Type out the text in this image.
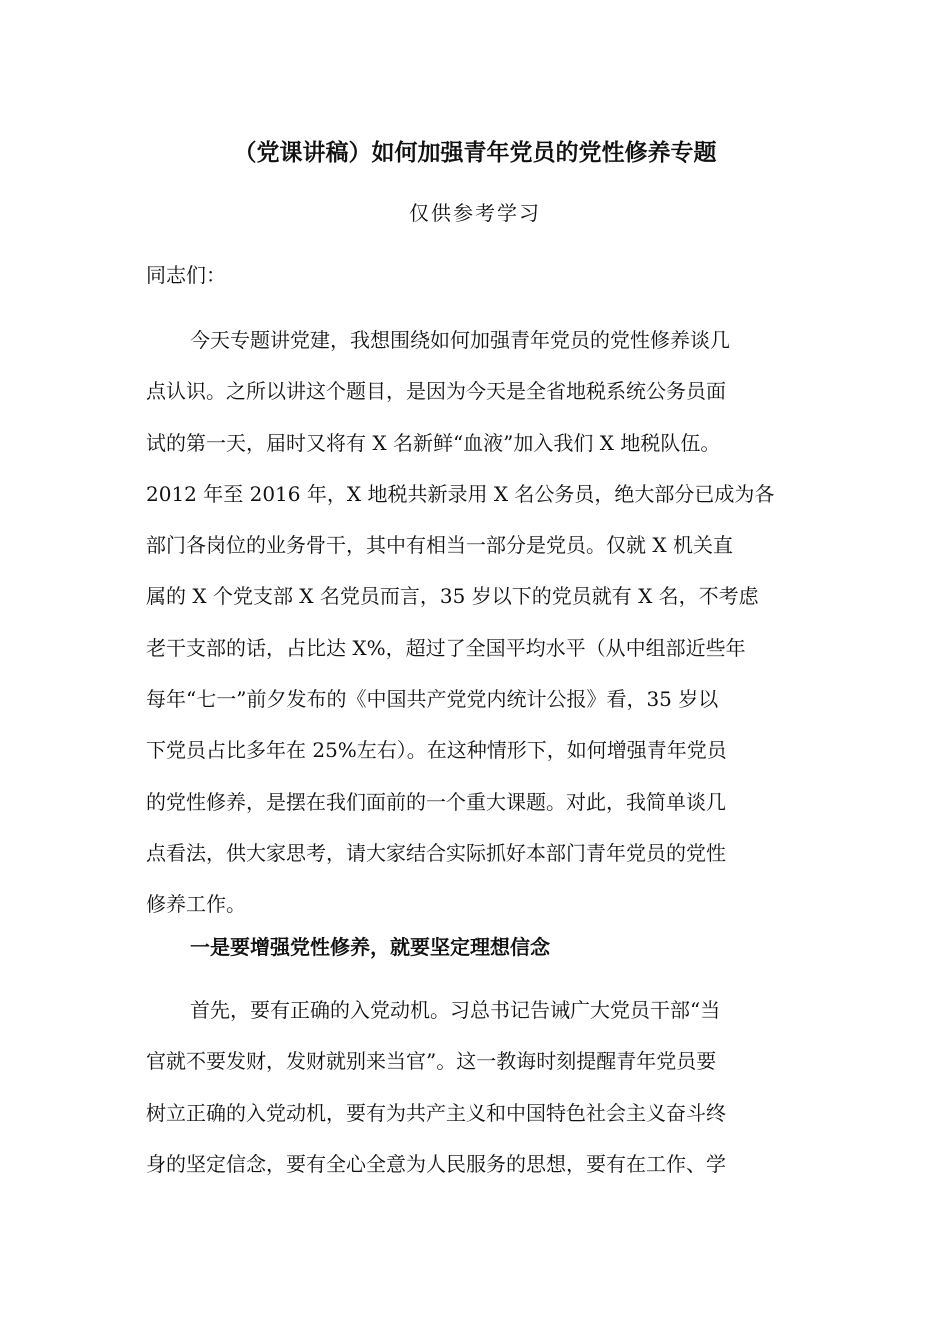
（党课讲稿）如何加强青年党员的党性修养专题
仅供参考学习
同志们：
今天专题讲党建，我想围绕如何加强青年党员的党性修养谈几
点认识。之所以讲这个题目，是因为今天是全省地税系统公务员面
试的第一天，届时又将有 X 名新鲜“血液”加入我们 X 地税队伍。
2012 年至 2016 年，X 地税共新录用 X 名公务员，绝大部分已成为各
部门各岗位的业务骨干，其中有相当一部分是党员。仅就 X 机关直
属的 X 个党支部 X 名党员而言，35 岁以下的党员就有 X 名，不考虑
老干支部的话，占比达 X%，超过了全国平均水平（从中组部近些年
每年“七一”前夕发布的《中国共产党党内统计公报》看，35 岁以
下党员占比多年在 25%左右）。在这种情形下，如何增强青年党员
的党性修养，是摆在我们面前的一个重大课题。对此，我简单谈几
点看法，供大家思考，请大家结合实际抓好本部门青年党员的党性
修养工作。
一是要增强党性修养，就要坚定理想信念
首先，要有正确的入党动机。习总书记告诫广大党员干部“当
官就不要发财，发财就别来当官”。这一教诲时刻提醒青年党员要
树立正确的入党动机，要有为共产主义和中国特色社会主义奋斗终
身的坚定信念，要有全心全意为人民服务的思想，要有在工作、学
